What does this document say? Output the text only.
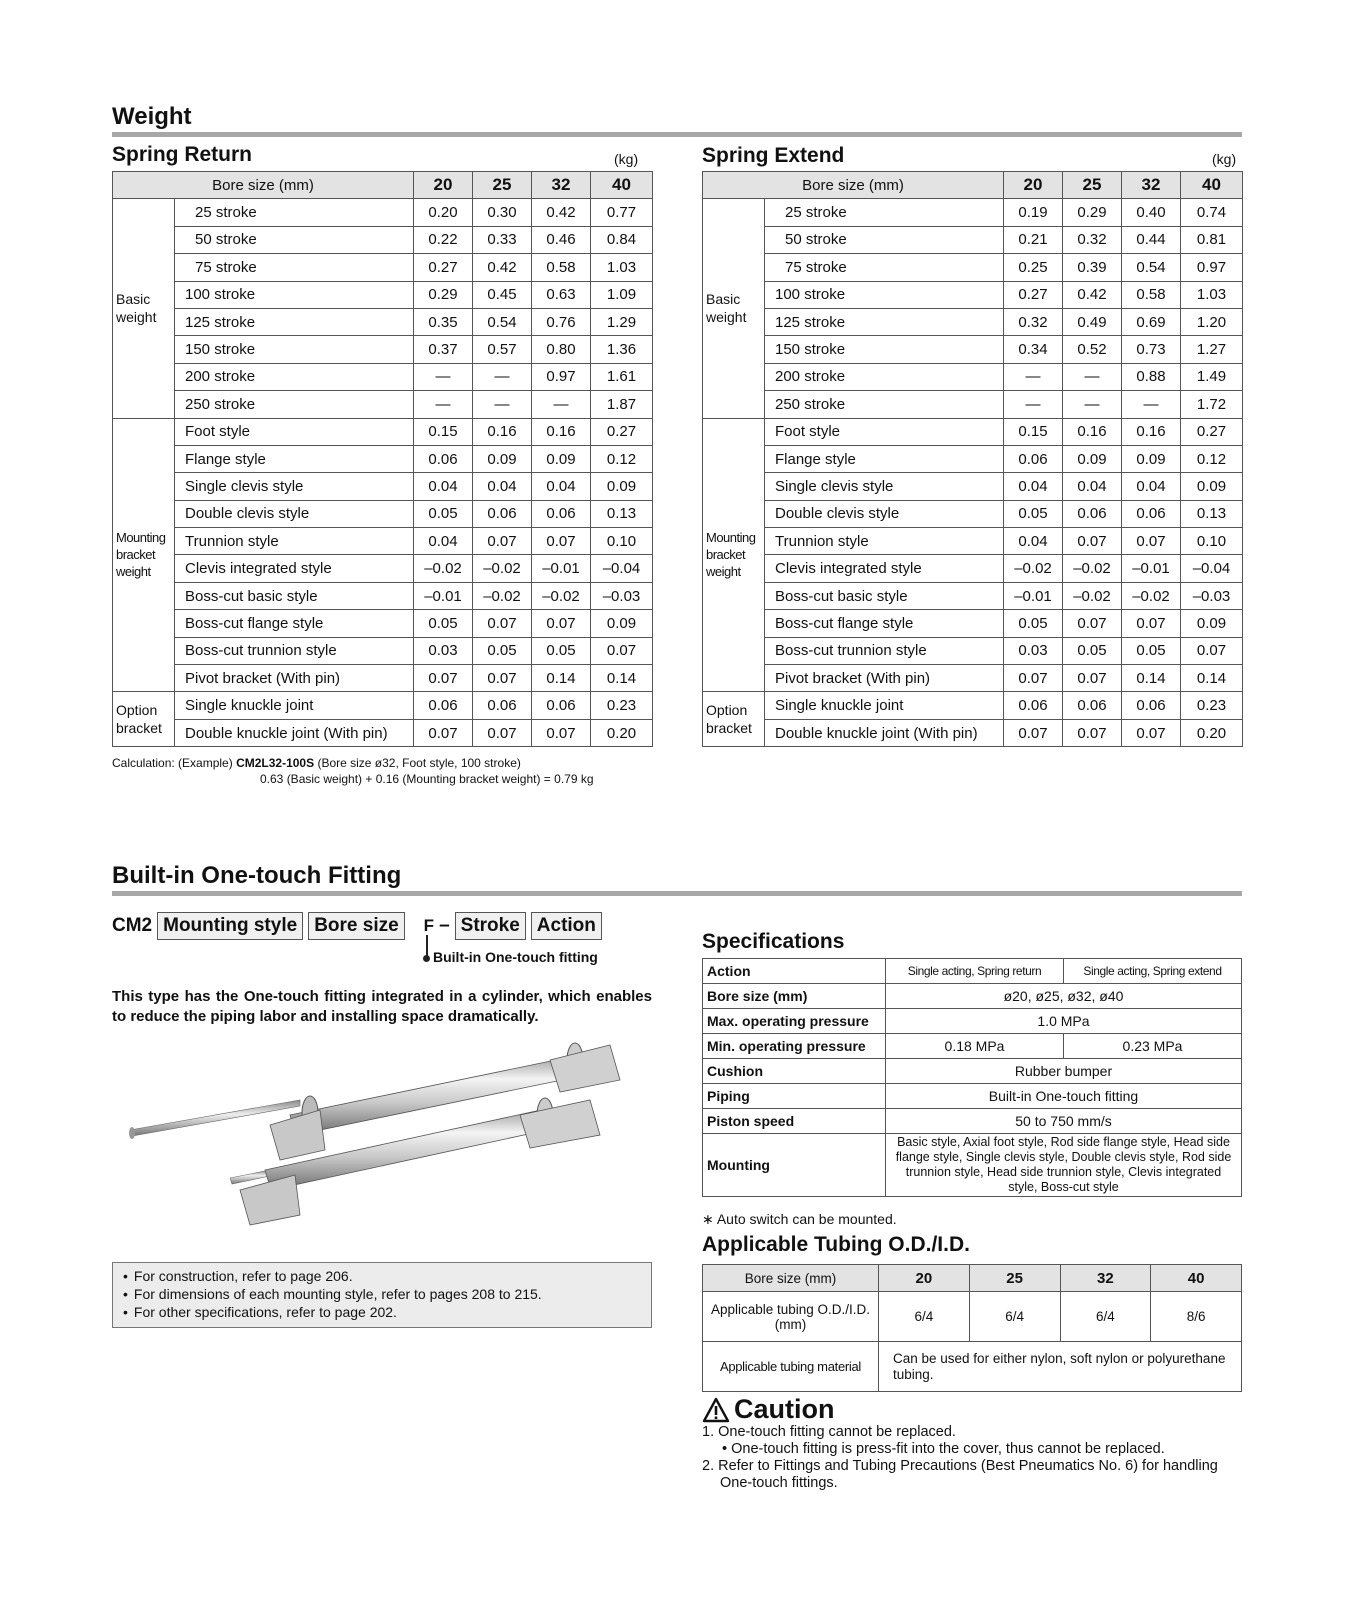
Weight
Spring Return	(kg)	Spring Extend	(kg)
Bore size (mm)		20	25	32	40
Basic weight	25 stroke	0.20	0.30	0.42	0.77
	50 stroke	0.22	0.33	0.46	0.84
	75 stroke	0.27	0.42	0.58	1.03
	100 stroke	0.29	0.45	0.63	1.09
	125 stroke	0.35	0.54	0.76	1.29
	150 stroke	0.37	0.57	0.80	1.36
	200 stroke	—	—	0.97	1.61
	250 stroke	—	—	—	1.87
Mounting bracket weight	Foot style	0.15	0.16	0.16	0.27
	Flange style	0.06	0.09	0.09	0.12
	Single clevis style	0.04	0.04	0.04	0.09
	Double clevis style	0.05	0.06	0.06	0.13
	Trunnion style	0.04	0.07	0.07	0.10
	Clevis integrated style	–0.02	–0.02	–0.01	–0.04
	Boss-cut basic style	–0.01	–0.02	–0.02	–0.03
	Boss-cut flange style	0.05	0.07	0.07	0.09
	Boss-cut trunnion style	0.03	0.05	0.05	0.07
	Pivot bracket (With pin)	0.07	0.07	0.14	0.14
Option bracket	Single knuckle joint	0.06	0.06	0.06	0.23
	Double knuckle joint (With pin)	0.07	0.07	0.07	0.20
Bore size (mm)		20	25	32	40
Basic weight	25 stroke	0.19	0.29	0.40	0.74
	50 stroke	0.21	0.32	0.44	0.81
	75 stroke	0.25	0.39	0.54	0.97
	100 stroke	0.27	0.42	0.58	1.03
	125 stroke	0.32	0.49	0.69	1.20
	150 stroke	0.34	0.52	0.73	1.27
	200 stroke	—	—	0.88	1.49
	250 stroke	—	—	—	1.72
Mounting bracket weight	Foot style	0.15	0.16	0.16	0.27
	Flange style	0.06	0.09	0.09	0.12
	Single clevis style	0.04	0.04	0.04	0.09
	Double clevis style	0.05	0.06	0.06	0.13
	Trunnion style	0.04	0.07	0.07	0.10
	Clevis integrated style	–0.02	–0.02	–0.01	–0.04
	Boss-cut basic style	–0.01	–0.02	–0.02	–0.03
	Boss-cut flange style	0.05	0.07	0.07	0.09
	Boss-cut trunnion style	0.03	0.05	0.05	0.07
	Pivot bracket (With pin)	0.07	0.07	0.14	0.14
Option bracket	Single knuckle joint	0.06	0.06	0.06	0.23
	Double knuckle joint (With pin)	0.07	0.07	0.07	0.20
Calculation: (Example) CM2L32-100S (Bore size ø32, Foot style, 100 stroke)
0.63 (Basic weight) + 0.16 (Mounting bracket weight) = 0.79 kg
Built-in One-touch Fitting
CM2 Mounting style Bore size	F – Stroke Action
Built-in One-touch fitting
This type has the One-touch fitting integrated in a cylinder, which enables to reduce the piping labor and installing space dramatically.
• For construction, refer to page 206.
• For dimensions of each mounting style, refer to pages 208 to 215.
• For other specifications, refer to page 202.
Specifications
Action	Single acting, Spring return	Single acting, Spring extend
Bore size (mm)	ø20, ø25, ø32, ø40	
Max. operating pressure	1.0 MPa	
Min. operating pressure	0.18 MPa	0.23 MPa
Cushion	Rubber bumper	
Piping	Built-in One-touch fitting	
Piston speed	50 to 750 mm/s	
Mounting	Basic style, Axial foot style, Rod side flange style, Head side flange style, Single clevis style, Double clevis style, Rod side trunnion style, Head side trunnion style, Clevis integrated style, Boss-cut style	
∗ Auto switch can be mounted.
Applicable Tubing O.D./I.D.
Bore size (mm)	20	25	32	40
Applicable tubing O.D./I.D. (mm)	6/4	6/4	6/4	8/6
Applicable tubing material	Can be used for either nylon, soft nylon or polyurethane tubing.			
Caution
1. One-touch fitting cannot be replaced.
• One-touch fitting is press-fit into the cover, thus cannot be replaced.
2. Refer to Fittings and Tubing Precautions (Best Pneumatics No. 6) for handling One-touch fittings.
